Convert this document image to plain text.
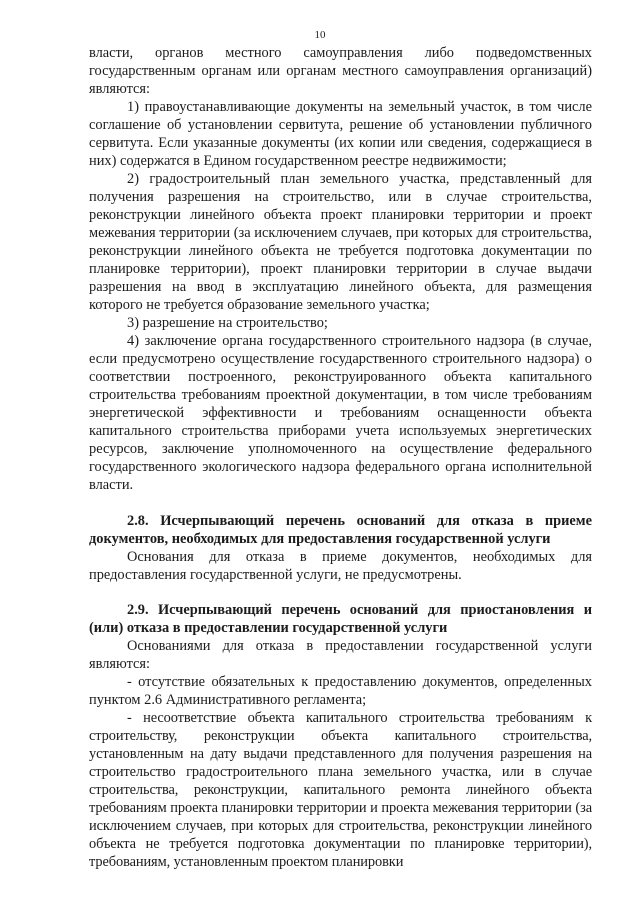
10

власти, органов местного самоуправления либо подведомственных государственным органам или органам местного самоуправления организаций) являются:

1) правоустанавливающие документы на земельный участок, в том числе соглашение об установлении сервитута, решение об установлении публичного сервитута. Если указанные документы (их копии или сведения, содержащиеся в них) содержатся в Едином государственном реестре недвижимости;

2) градостроительный план земельного участка, представленный для получения разрешения на строительство, или в случае строительства, реконструкции линейного объекта проект планировки территории и проект межевания территории (за исключением случаев, при которых для строительства, реконструкции линейного объекта не требуется подготовка документации по планировке территории), проект планировки территории в случае выдачи разрешения на ввод в эксплуатацию линейного объекта, для размещения которого не требуется образование земельного участка;

3) разрешение на строительство;

4) заключение органа государственного строительного надзора (в случае, если предусмотрено осуществление государственного строительного надзора) о соответствии построенного, реконструированного объекта капитального строительства требованиям проектной документации, в том числе требованиям энергетической эффективности и требованиям оснащенности объекта капитального строительства приборами учета используемых энергетических ресурсов, заключение уполномоченного на осуществление федерального государственного экологического надзора федерального органа исполнительной власти.

2.8. Исчерпывающий перечень оснований для отказа в приеме документов, необходимых для предоставления государственной услуги

Основания для отказа в приеме документов, необходимых для предоставления государственной услуги, не предусмотрены.

2.9. Исчерпывающий перечень оснований для приостановления и (или) отказа в предоставлении государственной услуги

Основаниями для отказа в предоставлении государственной услуги являются:

- отсутствие обязательных к предоставлению документов, определенных пунктом 2.6 Административного регламента;

- несоответствие объекта капитального строительства требованиям к строительству, реконструкции объекта капитального строительства, установленным на дату выдачи представленного для получения разрешения на строительство градостроительного плана земельного участка, или в случае строительства, реконструкции, капитального ремонта линейного объекта требованиям проекта планировки территории и проекта межевания территории (за исключением случаев, при которых для строительства, реконструкции линейного объекта не требуется подготовка документации по планировке территории), требованиям, установленным проектом планировки
